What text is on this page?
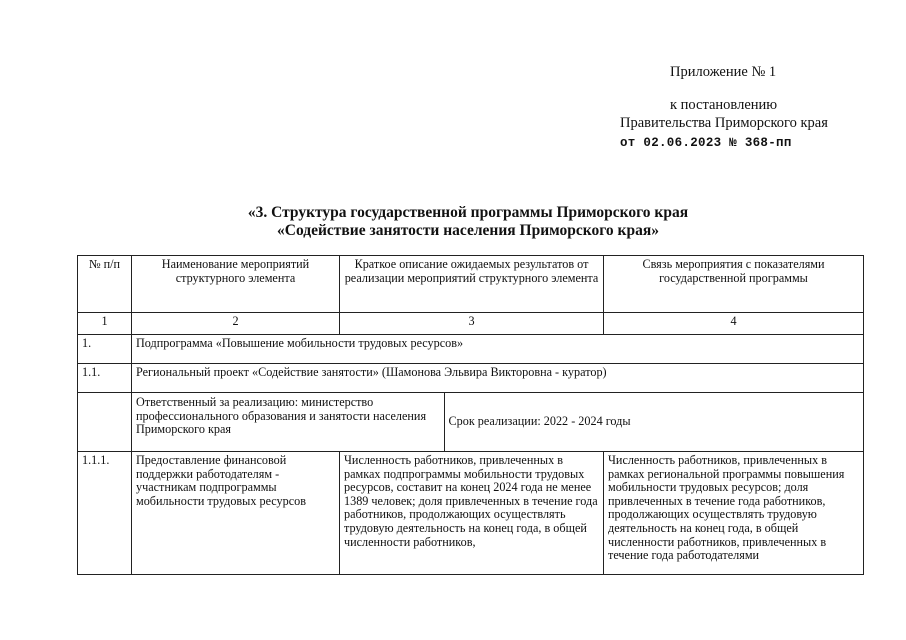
Приложение № 1
к постановлению
Правительства Приморского края
от 02.06.2023 № 368-пп
«3. Структура государственной программы Приморского края
«Содействие занятости населения Приморского края»
№ п/п	Наименование мероприятий структурного элемента	Краткое описание ожидаемых результатов от реализации мероприятий структурного элемента	Связь мероприятия с показателями государственной программы
1	2	3	4
1.	Подпрограмма «Повышение мобильности трудовых ресурсов»
1.1.	Региональный проект «Содействие занятости» (Шамонова Эльвира Викторовна - куратор)

Ответственный за реализацию: министерство профессионального образования и занятости населения Приморского края	Срок реализации: 2022 - 2024 годы

1.1.1.	Предоставление финансовой поддержки работодателям - участникам подпрограммы мобильности трудовых ресурсов	Численность работников, привлеченных в рамках подпрограммы мобильности трудовых ресурсов, составит на конец 2024 года не менее 1389 человек; доля привлеченных в течение года работников, продолжающих осуществлять трудовую деятельность на конец года, в общей численности работников,	Численность работников, привлеченных в рамках региональной программы повышения мобильности трудовых ресурсов; доля привлеченных в течение года работников, продолжающих осуществлять трудовую деятельность на конец года, в общей численности работников, привлеченных в течение года работодателями
